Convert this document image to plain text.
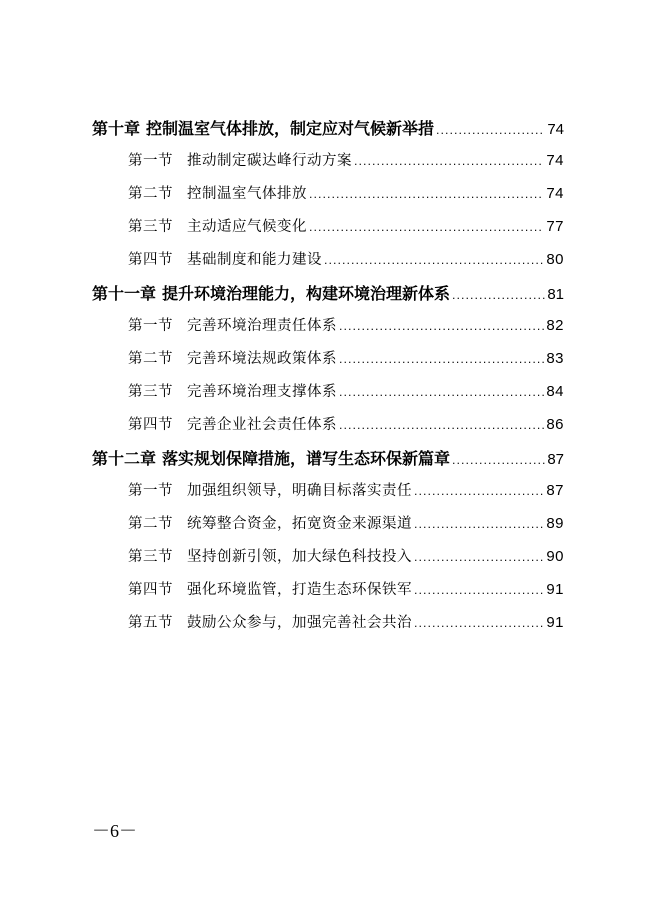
第十章 控制温室气体排放，制定应对气候新举措 .....	74
第一节 推动制定碳达峰行动方案 .....	74
第二节 控制温室气体排放 .....	74
第三节 主动适应气候变化 .....	77
第四节 基础制度和能力建设 .....	80
第十一章 提升环境治理能力，构建环境治理新体系 .....	81
第一节 完善环境治理责任体系 .....	82
第二节 完善环境法规政策体系 .....	83
第三节 完善环境治理支撑体系 .....	84
第四节 完善企业社会责任体系 .....	86
第十二章 落实规划保障措施，谱写生态环保新篇章 .....	87
第一节 加强组织领导，明确目标落实责任 .....	87
第二节 统筹整合资金，拓宽资金来源渠道 .....	89
第三节 坚持创新引领，加大绿色科技投入 .....	90
第四节 强化环境监管，打造生态环保铁军 .....	91
第五节 鼓励公众参与，加强完善社会共治 .....	91
－6－
